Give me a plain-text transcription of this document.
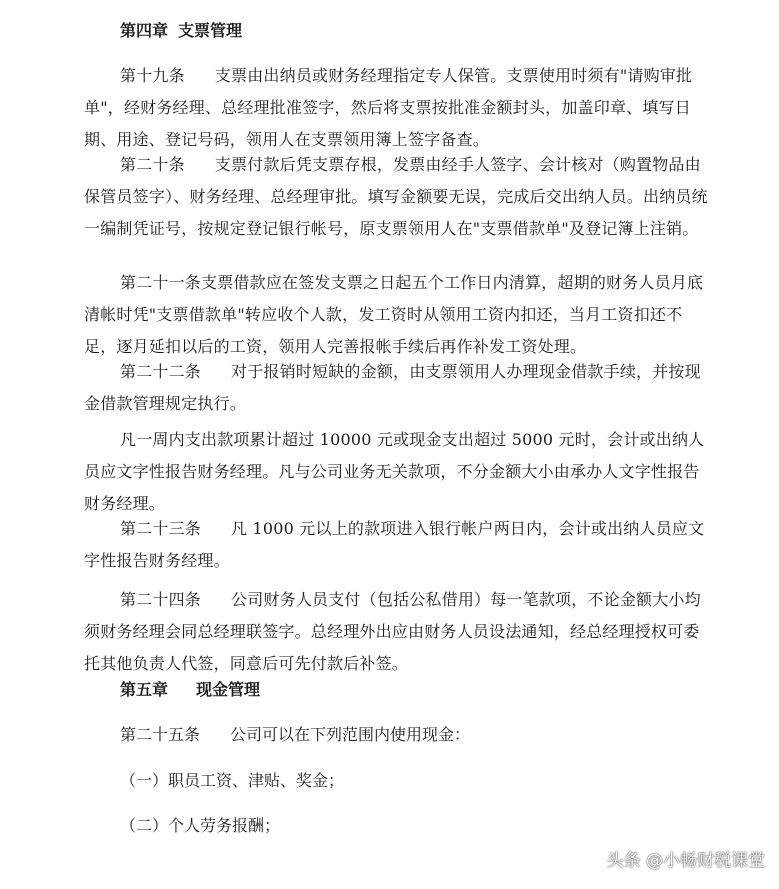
第四章 支票管理
第十九条 支票由出纳员或财务经理指定专人保管。支票使用时须有"请购审批单"，经财务经理、总经理批准签字，然后将支票按批准金额封头，加盖印章、填写日期、用途、登记号码，领用人在支票领用簿上签字备查。
第二十条 支票付款后凭支票存根，发票由经手人签字、会计核对（购置物品由保管员签字）、财务经理、总经理审批。填写金额要无误，完成后交出纳人员。出纳员统一编制凭证号，按规定登记银行帐号，原支票领用人在"支票借款单"及登记簿上注销。
第二十一条支票借款应在签发支票之日起五个工作日内清算，超期的财务人员月底清帐时凭"支票借款单"转应收个人款，发工资时从领用工资内扣还，当月工资扣还不足，逐月延扣以后的工资，领用人完善报帐手续后再作补发工资处理。
第二十二条 对于报销时短缺的金额，由支票领用人办理现金借款手续，并按现金借款管理规定执行。
凡一周内支出款项累计超过 10000 元或现金支出超过 5000 元时，会计或出纳人员应文字性报告财务经理。凡与公司业务无关款项，不分金额大小由承办人文字性报告财务经理。
第二十三条 凡 1000 元以上的款项进入银行帐户两日内，会计或出纳人员应文字性报告财务经理。
第二十四条 公司财务人员支付（包括公私借用）每一笔款项，不论金额大小均须财务经理会同总经理联签字。总经理外出应由财务人员设法通知，经总经理授权可委托其他负责人代签，同意后可先付款后补签。
第五章 现金管理
第二十五条 公司可以在下列范围内使用现金：
（一）职员工资、津贴、奖金；
（二）个人劳务报酬；
头条 @小畅财税课堂
